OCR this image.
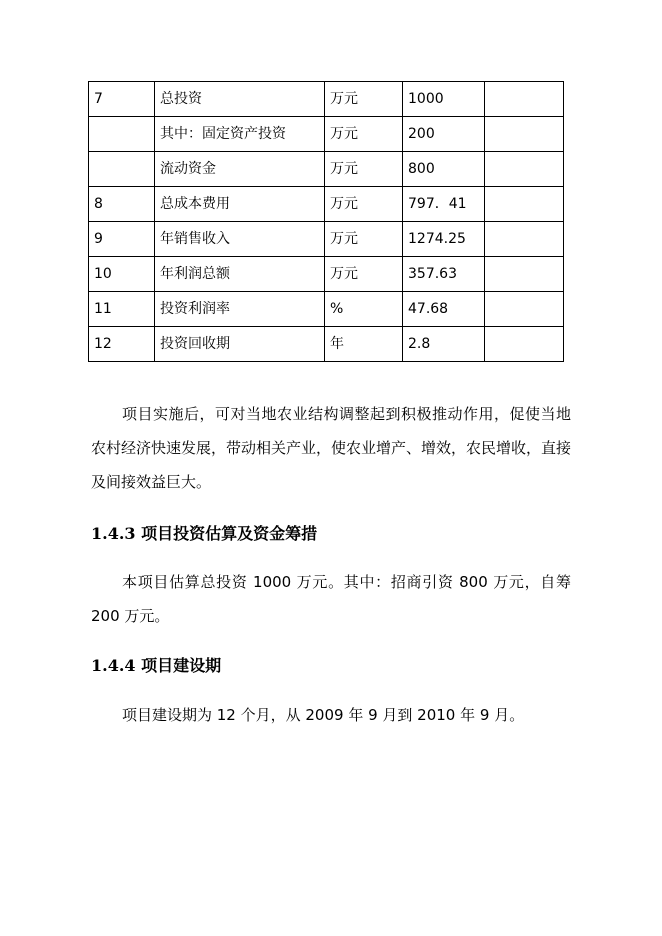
7	总投资	万元	1000	
	其中：固定资产投资	万元	200	
	流动资金	万元	800	
8	总成本费用	万元	797．41	
9	年销售收入	万元	1274.25	
10	年利润总额	万元	357.63	
11	投资利润率	%	47.68	
12	投资回收期	年	2.8	

项目实施后，可对当地农业结构调整起到积极推动作用，促使当地农村经济快速发展，带动相关产业，使农业增产、增效，农民增收，直接及间接效益巨大。

1.4.3 项目投资估算及资金筹措

本项目估算总投资 1000 万元。其中：招商引资 800 万元，自筹 200 万元。

1.4.4 项目建设期

项目建设期为 12 个月，从 2009 年 9 月到 2010 年 9 月。
